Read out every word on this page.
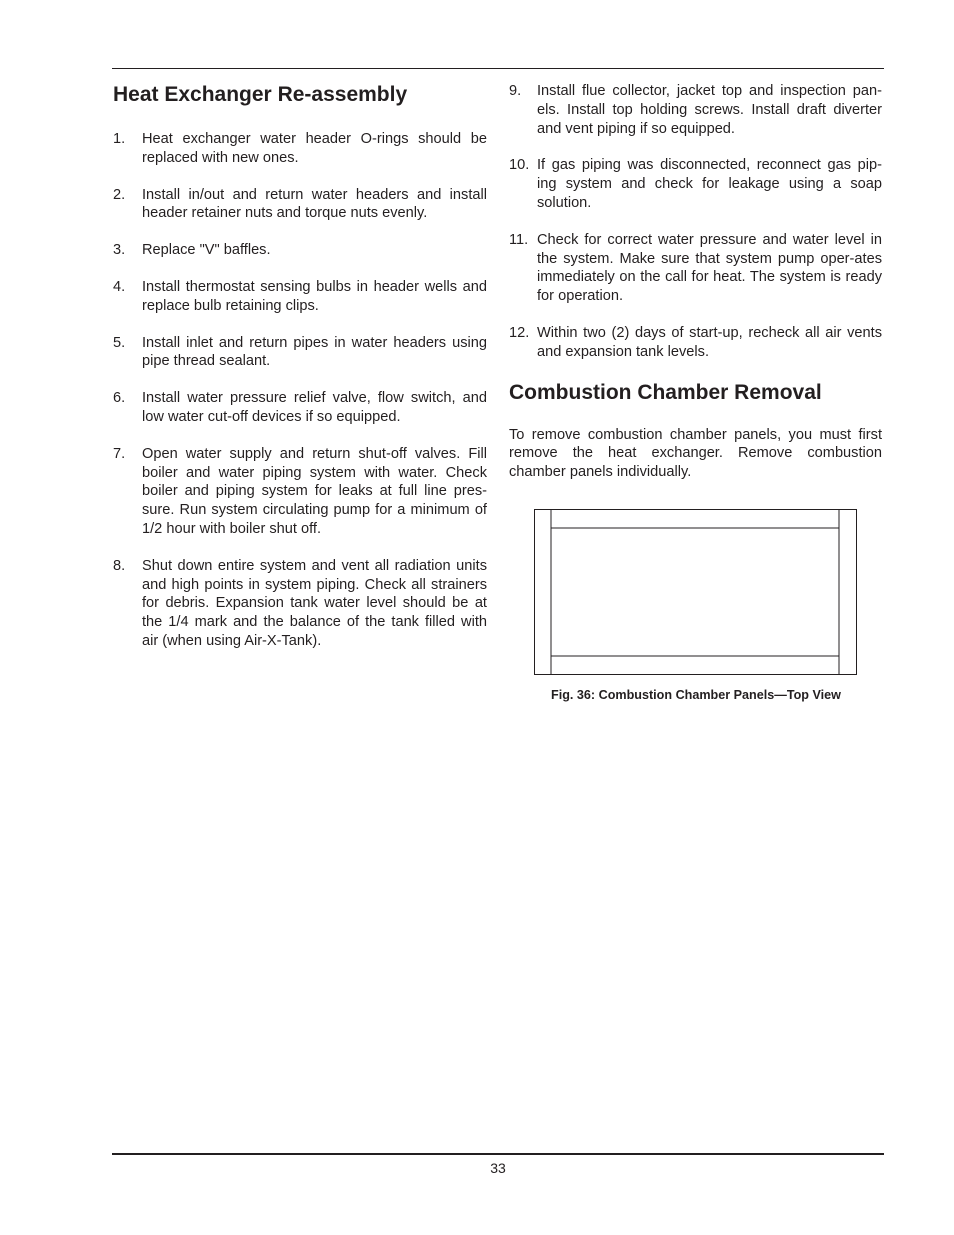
Heat Exchanger Re-assembly
1. Heat exchanger water header O-rings should be replaced with new ones.
2. Install in/out and return water headers and install header retainer nuts and torque nuts evenly.
3. Replace "V" baffles.
4. Install thermostat sensing bulbs in header wells and replace bulb retaining clips.
5. Install inlet and return pipes in water headers using pipe thread sealant.
6. Install water pressure relief valve, flow switch, and low water cut-off devices if so equipped.
7. Open water supply and return shut-off valves. Fill boiler and water piping system with water. Check boiler and piping system for leaks at full line pres-sure. Run system circulating pump for a minimum of 1/2 hour with boiler shut off.
8. Shut down entire system and vent all radiation units and high points in system piping. Check all strainers for debris. Expansion tank water level should be at the 1/4 mark and the balance of the tank filled with air (when using Air-X-Tank).
9. Install flue collector, jacket top and inspection pan-els. Install top holding screws. Install draft diverter and vent piping if so equipped.
10. If gas piping was disconnected, reconnect gas pip-ing system and check for leakage using a soap solution.
11. Check for correct water pressure and water level in the system. Make sure that system pump oper-ates immediately on the call for heat. The system is ready for operation.
12. Within two (2) days of start-up, recheck all air vents and expansion tank levels.
Combustion Chamber Removal

To remove combustion chamber panels, you must first remove the heat exchanger. Remove combustion chamber panels individually.

Fig. 36: Combustion Chamber Panels—Top View
33
